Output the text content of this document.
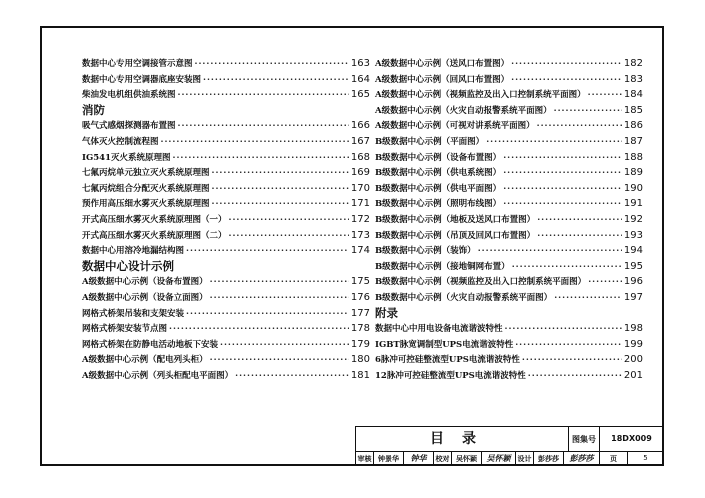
数据中心专用空调接管示意图 ·····	163
数据中心专用空调器底座安装图 ·····	164
柴油发电机组供油系统图 ·····	165
消防
吸气式感烟探测器布置图 ·····	166
气体灭火控制流程图 ·····	167
IG541灭火系统原理图 ·····	168
七氟丙烷单元独立灭火系统原理图 ·····	169
七氟丙烷组合分配灭火系统原理图 ·····	170
预作用高压细水雾灭火系统原理图 ·····	171
开式高压细水雾灭火系统原理图（一） ·····	172
开式高压细水雾灭火系统原理图（二） ·····	173
数据中心用溶冷地漏结构图 ·····	174
数据中心设计示例
A级数据中心示例（设备布置图） ·····	175
A级数据中心示例（设备立面图） ·····	176
网格式桥架吊装和支架安装 ·····	177
网格式桥架安装节点图 ·····	178
网格式桥架在防静电活动地板下安装 ·····	179
A级数据中心示例（配电列头柜） ·····	180
A级数据中心示例（列头柜配电平面图） ·····	181
A级数据中心示例（送风口布置图） ·····	182
A级数据中心示例（回风口布置图） ·····	183
A级数据中心示例（视频监控及出入口控制系统平面图） ·····	184
A级数据中心示例（火灾自动报警系统平面图） ·····	185
A级数据中心示例（可视对讲系统平面图） ·····	186
B级数据中心示例（平面图） ·····	187
B级数据中心示例（设备布置图） ·····	188
B级数据中心示例（供电系统图） ·····	189
B级数据中心示例（供电平面图） ·····	190
B级数据中心示例（照明布线图） ·····	191
B级数据中心示例（地板及送风口布置图） ·····	192
B级数据中心示例（吊顶及回风口布置图） ·····	193
B级数据中心示例（装饰） ·····	194
B级数据中心示例（接地铜网布置） ·····	195
B级数据中心示例（视频监控及出入口控制系统平面图） ·····	196
B级数据中心示例（火灾自动报警系统平面图） ·····	197
附录
数据中心中用电设备电流谐波特性 ·····	198
IGBT脉宽调制型UPS电流谐波特性 ·····	199
6脉冲可控硅整流型UPS电流谐波特性 ·····	200
12脉冲可控硅整流型UPS电流谐波特性 ·····	201
目录	图集号	18DX009
审核 钟景华	钟华	校对 吴怀颖	吴怀颖	设计 彭莎莎	彭莎莎	页	5
